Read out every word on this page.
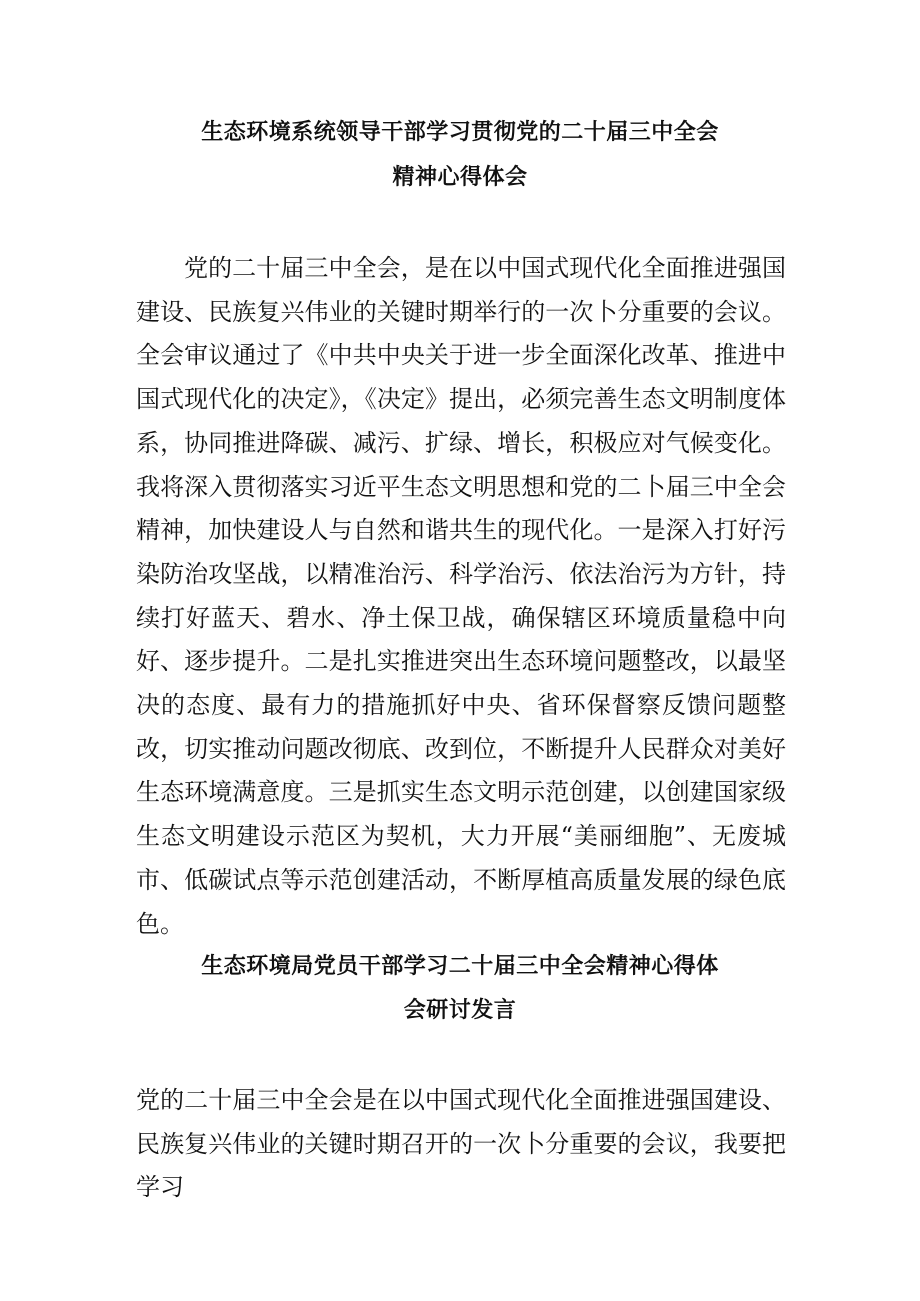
生态环境系统领导干部学习贯彻党的二十届三中全会
精神心得体会

党的二十届三中全会，是在以中国式现代化全面推进强国建设、民族复兴伟业的关键时期举行的一次卜分重要的会议。全会审议通过了《中共中央关于进一步全面深化改革、推进中国式现代化的决定》，《决定》提出，必须完善生态文明制度体系，协同推进降碳、减污、扩绿、增长，积极应对气候变化。我将深入贯彻落实习近平生态文明思想和党的二卜届三中全会精神，加快建设人与自然和谐共生的现代化。一是深入打好污染防治攻坚战，以精准治污、科学治污、依法治污为方针，持续打好蓝天、碧水、净土保卫战，确保辖区环境质量稳中向好、逐步提升。二是扎实推进突出生态环境问题整改，以最坚决的态度、最有力的措施抓好中央、省环保督察反馈问题整改，切实推动问题改彻底、改到位，不断提升人民群众对美好生态环境满意度。三是抓实生态文明示范创建，以创建国家级生态文明建设示范区为契机，大力开展“美丽细胞”、无废城市、低碳试点等示范创建活动，不断厚植高质量发展的绿色底色。

生态环境局党员干部学习二十届三中全会精神心得体
会研讨发言

党的二十届三中全会是在以中国式现代化全面推进强国建设、民族复兴伟业的关键时期召开的一次卜分重要的会议，我要把学习
